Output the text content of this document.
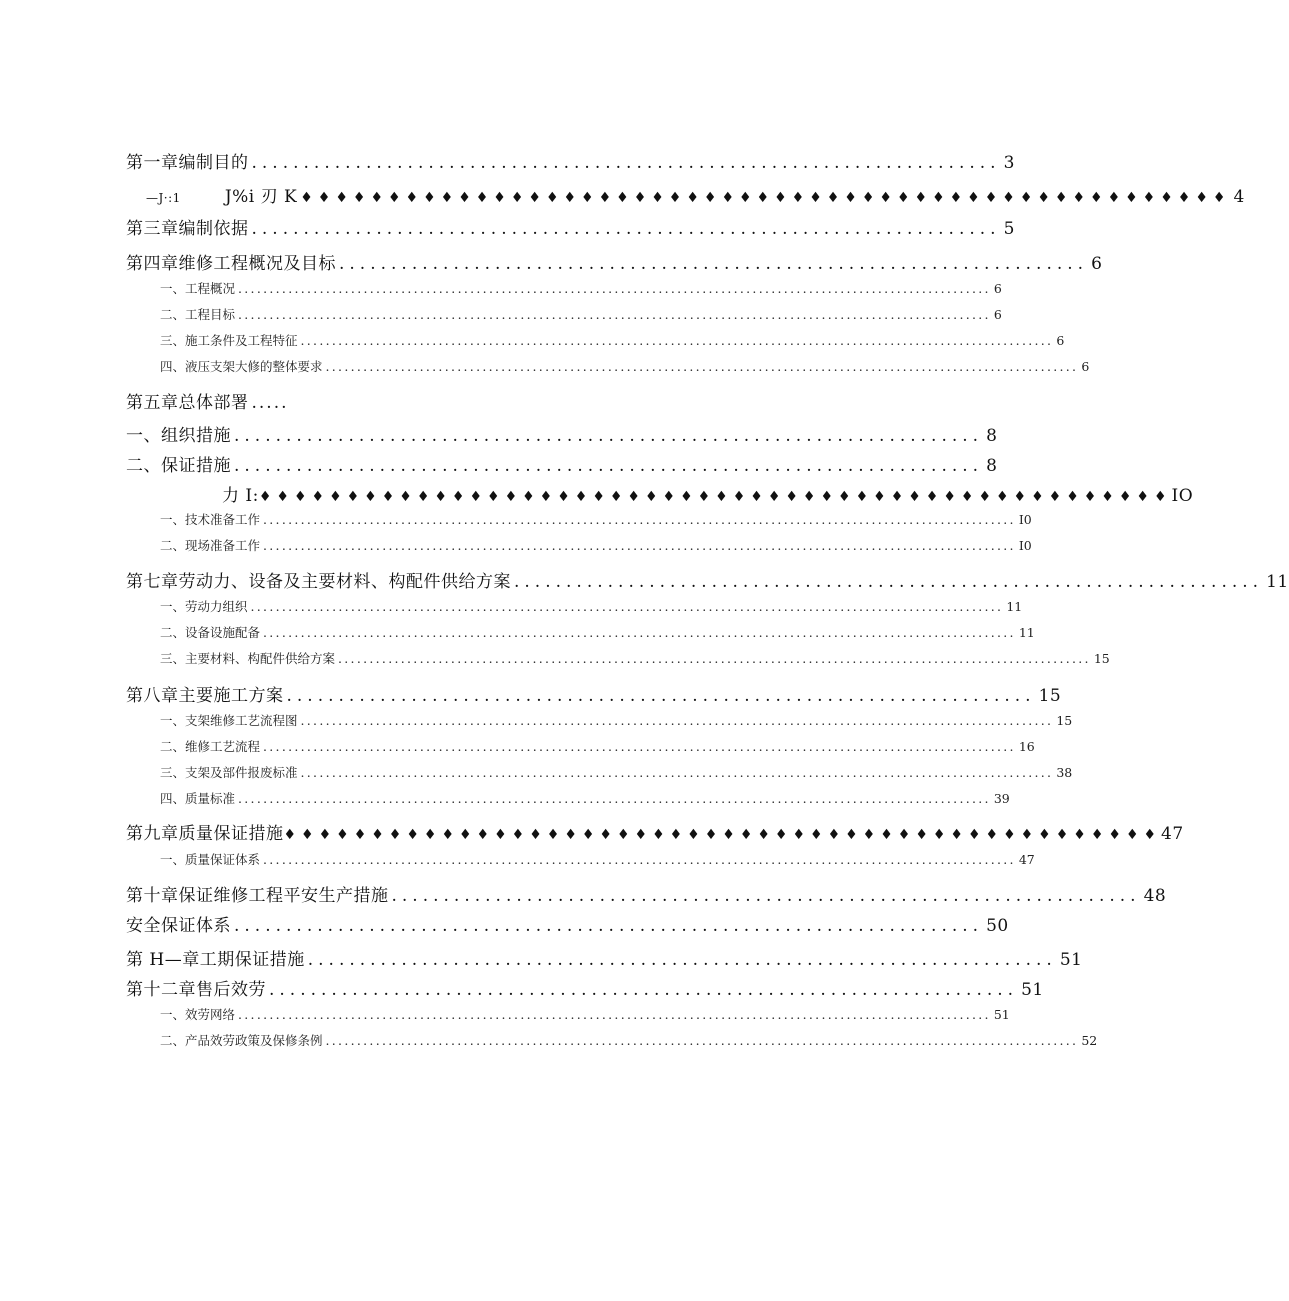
第一章编制目的 ........................................................................ 3
—J·:1	J%i 刃 K ♦♦♦♦♦♦♦♦♦♦♦♦♦♦♦♦♦♦♦♦♦♦♦♦♦♦♦♦♦♦♦♦♦♦♦♦♦♦♦♦♦♦♦♦♦♦♦♦♦♦♦♦♦ 4
第三章编制依据 ........................................................................ 5
第四章维修工程概况及目标 ........................................................................ 6
一、工程概况 ........................................................................................................................ 6
二、工程目标 ........................................................................................................................ 6
三、施工条件及工程特征 ........................................................................................................................ 6
四、液压支架大修的整体要求 ........................................................................................................................ 6
第五章总体部署 .....
一、组织措施 ........................................................................ 8
二、保证措施 ........................................................................ 8
力 I: ♦♦♦♦♦♦♦♦♦♦♦♦♦♦♦♦♦♦♦♦♦♦♦♦♦♦♦♦♦♦♦♦♦♦♦♦♦♦♦♦♦♦♦♦♦♦♦♦♦♦♦♦ IO
一、技术准备工作 ........................................................................................................................ I0
二、现场准备工作 ........................................................................................................................ I0
第七章劳动力、设备及主要材料、构配件供给方案 ........................................................................ 11
一、劳动力组织 ........................................................................................................................ 11
二、设备设施配备 ........................................................................................................................ 11
三、主要材料、构配件供给方案 ........................................................................................................................ 15
第八章主要施工方案 ........................................................................ 15
一、支架维修工艺流程图 ........................................................................................................................ 15
二、维修工艺流程 ........................................................................................................................ 16
三、支架及部件报废标准 ........................................................................................................................ 38
四、质量标准 ........................................................................................................................ 39
第九章质量保证措施 ♦♦♦♦♦♦♦♦♦♦♦♦♦♦♦♦♦♦♦♦♦♦♦♦♦♦♦♦♦♦♦♦♦♦♦♦♦♦♦♦♦♦♦♦♦♦♦♦♦♦ 47
一、质量保证体系 ........................................................................................................................ 47
第十章保证维修工程平安生产措施 ........................................................................ 48
安全保证体系 ........................................................................ 50
第 H—章工期保证措施 ........................................................................ 51
第十二章售后效劳 ........................................................................ 51
一、效劳网络 ........................................................................................................................ 51
二、产品效劳政策及保修条例 ........................................................................................................................ 52
